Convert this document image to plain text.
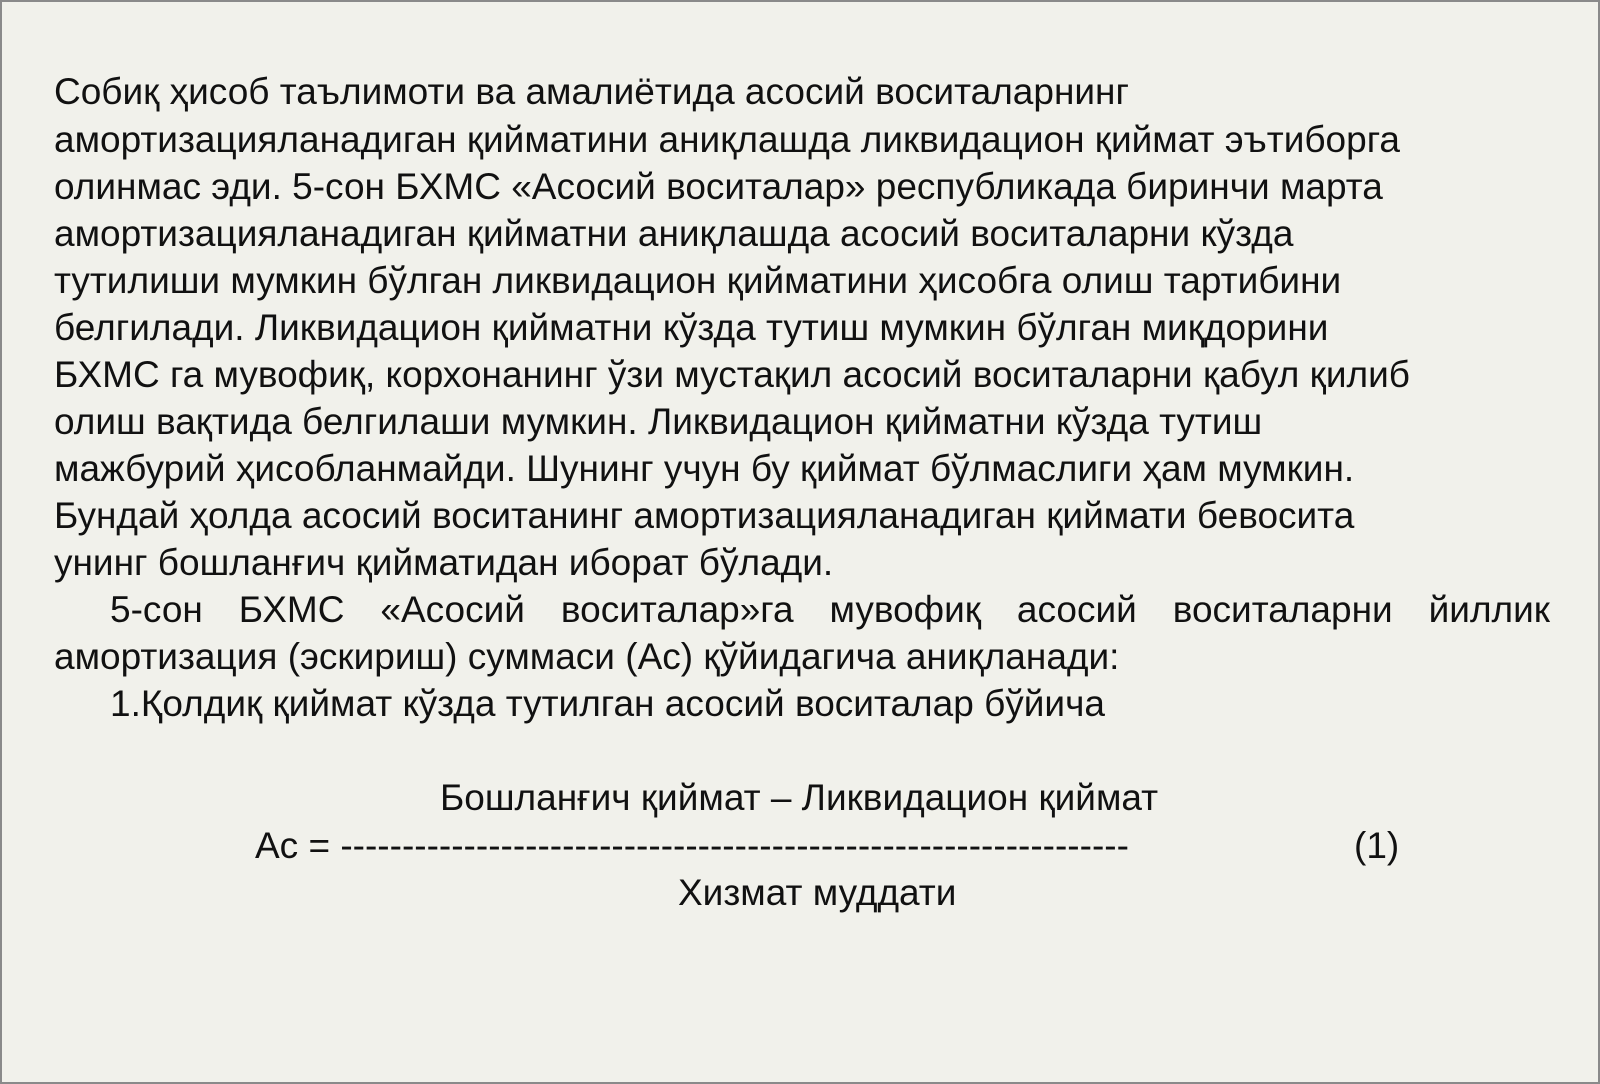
Собиқ ҳисоб таълимоти ва амалиётида асосий воситаларнинг
амортизацияланадиган қийматини аниқлашда ликвидацион қиймат эътиборга
олинмас эди. 5-сон БХМС «Асосий воситалар» республикада биринчи марта
амортизацияланадиган қийматни аниқлашда асосий воситаларни кўзда
тутилиши мумкин бўлган ликвидацион қийматини ҳисобга олиш тартибини
белгилади. Ликвидацион қийматни кўзда тутиш мумкин бўлган миқдорини
БХМС га мувофиқ, корхонанинг ўзи мустақил асосий воситаларни қабул қилиб
олиш вақтида белгилаши мумкин. Ликвидацион қийматни кўзда тутиш
мажбурий ҳисобланмайди. Шунинг учун бу қиймат бўлмаслиги ҳам мумкин.
Бундай ҳолда асосий воситанинг амортизацияланадиган қиймати бевосита
унинг бошланғич қийматидан иборат бўлади.
5-сон БХМС «Асосий воситалар»га мувофиқ асосий воситаларни йиллик
амортизация (эскириш) суммаси (Ас) қўйидагича аниқланади:
1.Қолдиқ қиймат кўзда тутилган асосий воситалар бўйича
Бошланғич қиймат – Ликвидацион қиймат
Ас = ----------------------------------------------------------------
Хизмат муддати
(1)
